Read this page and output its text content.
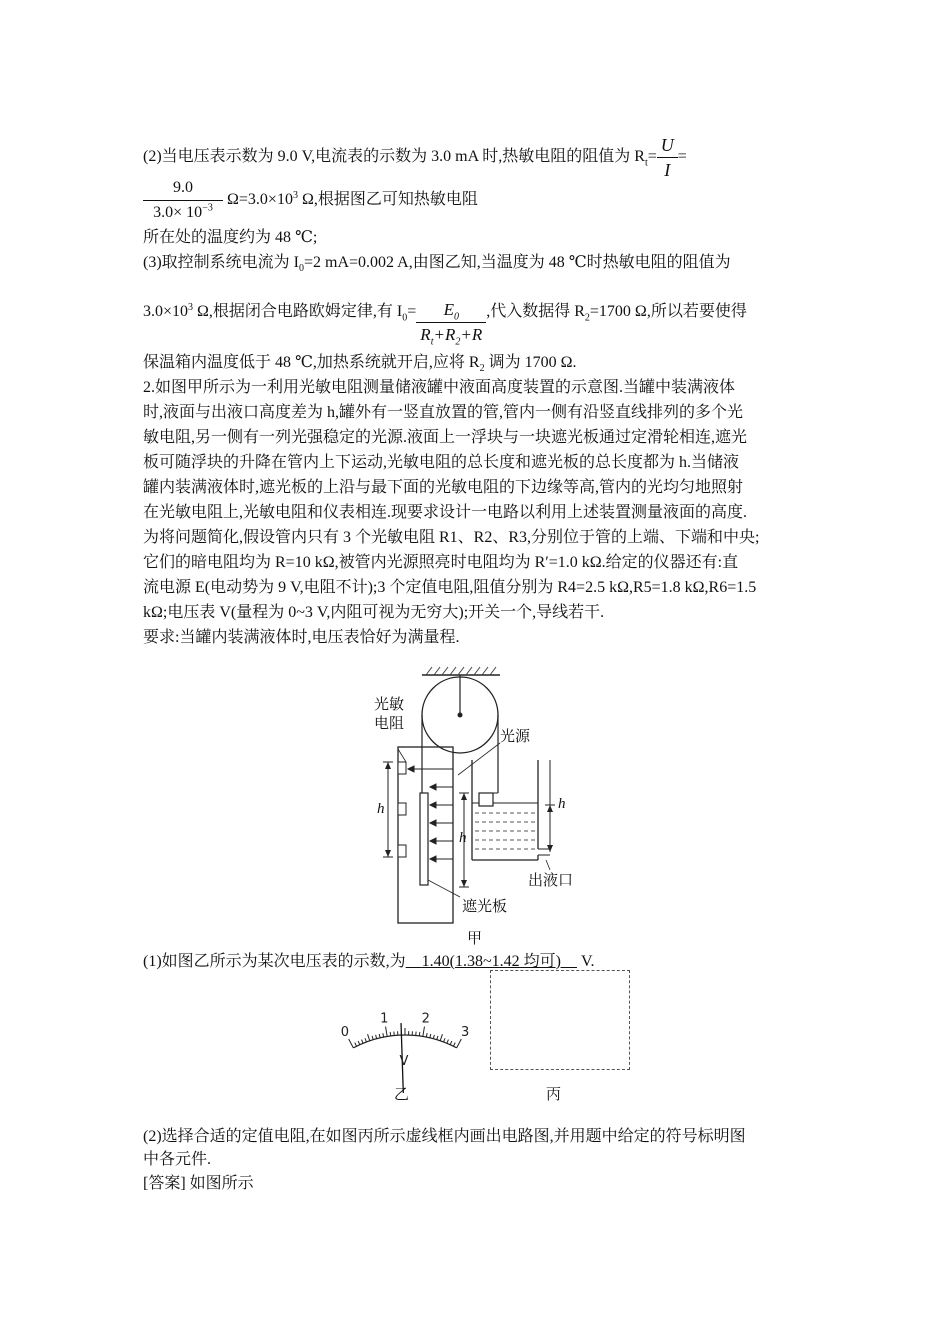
(2)当电压表示数为 9.0 V,电流表的示数为 3.0 mA 时,热敏电阻的阻值为 $R_t= \frac{U}{I}$ =
$\frac{9.0}{3.0\times 10^{-3}} \Omega=3.0\times 10^3$ Ω,根据图乙可知热敏电阻
所在处的温度约为 48 ℃;
(3)取控制系统电流为 $I_0=2$ mA=0.002 A,由图乙知,当温度为 48 ℃时热敏电阻的阻值为
$3.0\times 10^3$ Ω,根据闭合电路欧姆定律,有 $I_0= \frac{E_0}{R_t+R_2+R}$ ,代入数据得 $R_2=1700$ Ω,所以若要使得
保温箱内温度低于 48 ℃,加热系统就开启,应将 $R_2$ 调为 1700 Ω.
2.如图甲所示为一利用光敏电阻测量储液罐中液面高度装置的示意图.当罐中装满液体
时,液面与出液口高度差为 h,罐外有一竖直放置的管,管内一侧有沿竖直线排列的多个光
敏电阻,另一侧有一列光强稳定的光源.液面上一浮块与一块遮光板通过定滑轮相连,遮光
板可随浮块的升降在管内上下运动,光敏电阻的总长度和遮光板的总长度都为 h.当储液
罐内装满液体时,遮光板的上沿与最下面的光敏电阻的下边缘等高,管内的光均匀地照射
在光敏电阻上,光敏电阻和仪表相连.现要求设计一电路以利用上述装置测量液面的高度.
为将问题简化,假设管内只有 3 个光敏电阻 R1、R2、R3,分别位于管的上端、下端和中央;
它们的暗电阻均为 R=10 kΩ,被管内光源照亮时电阻均为 R′=1.0 kΩ.给定的仪器还有:直
流电源 E(电动势为 9 V,电阻不计);3 个定值电阻,阻值分别为 R4=2.5 kΩ,R5=1.8 kΩ,R6=1.5
kΩ;电压表 V(量程为 0~3 V,内阻可视为无穷大);开关一个,导线若干.
要求:当罐内装满液体时,电压表恰好为满量程.
光敏
电阻
光源
h
h
h
出液口
遮光板
甲
(1)如图乙所示为某次电压表的示数,为 1.40(1.38~1.42 均可) V.
0
1	2
3
V
乙	丙
(2)选择合适的定值电阻,在如图丙所示虚线框内画出电路图,并用题中给定的符号标明图
中各元件.
[答案] 如图所示
